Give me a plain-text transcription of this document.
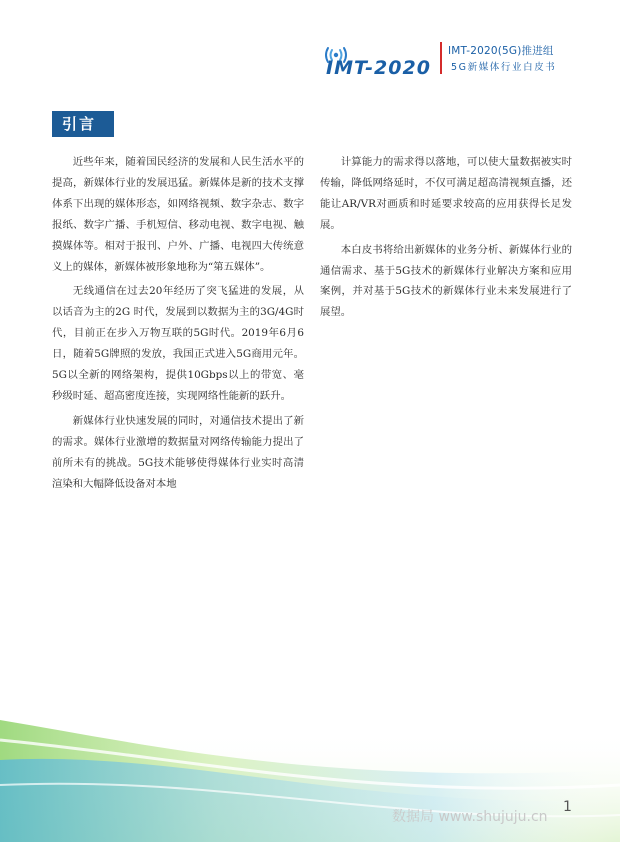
IMT-2020
IMT-2020(5G)推进组
5G新媒体行业白皮书
引言

近些年来，随着国民经济的发展和人民生活水平的提高，新媒体行业的发展迅猛。新媒体是新的技术支撑体系下出现的媒体形态，如网络视频、数字杂志、数字报纸、数字广播、手机短信、移动电视、数字电视、触摸媒体等。相对于报刊、户外、广播、电视四大传统意义上的媒体，新媒体被形象地称为“第五媒体”。

无线通信在过去20年经历了突飞猛进的发展，从以话音为主的2G 时代，发展到以数据为主的3G/4G时代，目前正在步入万物互联的5G时代。2019年6月6日，随着5G牌照的发放，我国正式进入5G商用元年。5G以全新的网络架构，提供10Gbps以上的带宽、毫秒级时延、超高密度连接，实现网络性能新的跃升。

新媒体行业快速发展的同时，对通信技术提出了新的需求。媒体行业激增的数据量对网络传输能力提出了前所未有的挑战。5G技术能够使得媒体行业实时高清渲染和大幅降低设备对本地

计算能力的需求得以落地，可以使大量数据被实时传输，降低网络延时，不仅可满足超高清视频直播，还能让AR/VR对画质和时延要求较高的应用获得长足发展。

本白皮书将给出新媒体的业务分析、新媒体行业的通信需求、基于5G技术的新媒体行业解决方案和应用案例，并对基于5G技术的新媒体行业未来发展进行了展望。

数据局 www.shujuju.cn
1
